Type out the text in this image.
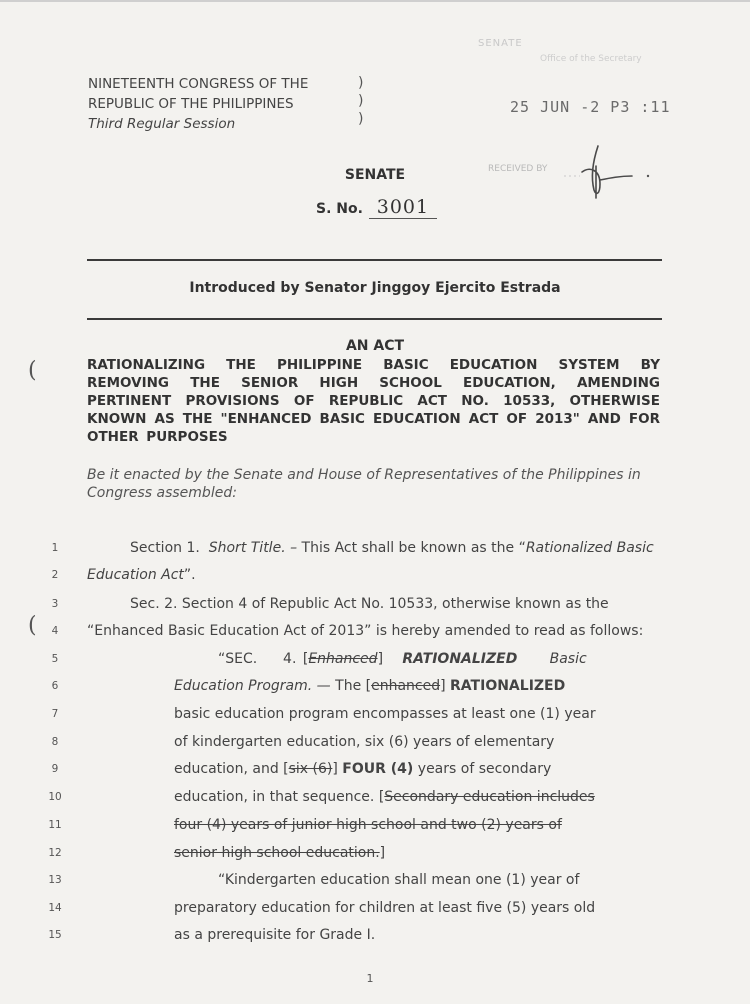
NINETEENTH CONGRESS OF THE
REPUBLIC OF THE PHILIPPINES
Third Regular Session
)
)
)
SENATE
Office of the Secretary
25 JUN -2 P3 :11
RECEIVED BY
SENATE
S. No. 3001
Introduced by Senator Jinggoy Ejercito Estrada
AN ACT
RATIONALIZING THE PHILIPPINE BASIC EDUCATION SYSTEM BY REMOVING THE SENIOR HIGH SCHOOL EDUCATION, AMENDING PERTINENT PROVISIONS OF REPUBLIC ACT NO. 10533, OTHERWISE KNOWN AS THE "ENHANCED BASIC EDUCATION ACT OF 2013" AND FOR OTHER PURPOSES
Be it enacted by the Senate and House of Representatives of the Philippines in Congress assembled:
(
(
1
2
3
4
5
6
7
8
9
10
11
12
13
14
15
Section 1. Short Title. – This Act shall be known as the “Rationalized Basic
Education Act”.
Sec. 2. Section 4 of Republic Act No. 10533, otherwise known as the
“Enhanced Basic Education Act of 2013” is hereby amended to read as follows:
“SEC. 4. [Enhanced] RATIONALIZED Basic
Education Program. — The [enhanced] RATIONALIZED
basic education program encompasses at least one (1) year
of kindergarten education, six (6) years of elementary
education, and [six (6)] FOUR (4) years of secondary
education, in that sequence. [Secondary education includes
four (4) years of junior high school and two (2) years of
senior high school education.]
“Kindergarten education shall mean one (1) year of
preparatory education for children at least five (5) years old
as a prerequisite for Grade I.
1
